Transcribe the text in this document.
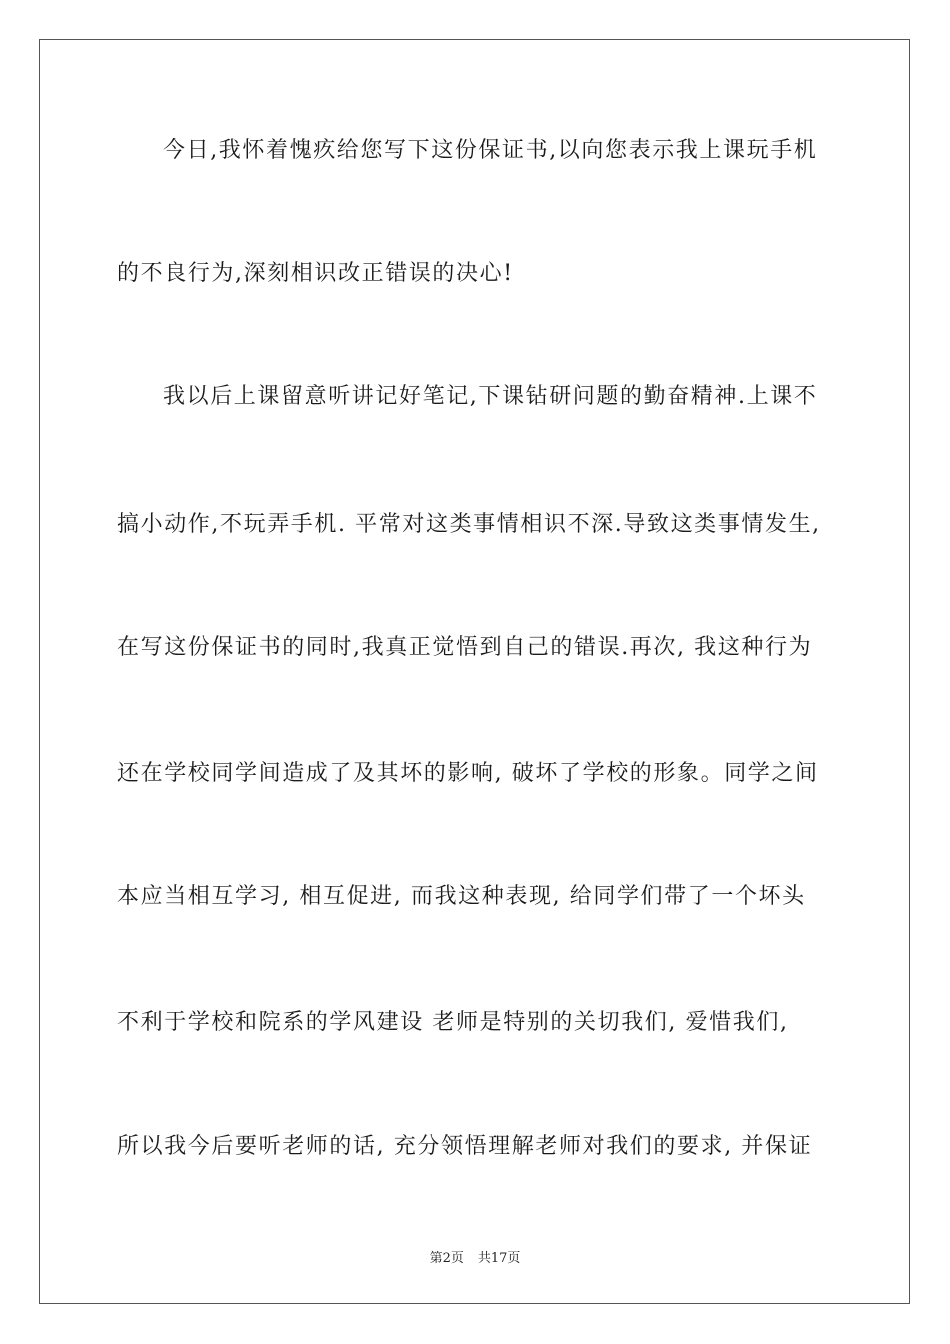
今日,我怀着愧疚给您写下这份保证书,以向您表示我上课玩手机
的不良行为,深刻相识改正错误的决心!
我以后上课留意听讲记好笔记,下课钻研问题的勤奋精神.上课不
搞小动作,不玩弄手机. 平常对这类事情相识不深.导致这类事情发生,
在写这份保证书的同时,我真正觉悟到自己的错误.再次, 我这种行为
还在学校同学间造成了及其坏的影响, 破坏了学校的形象。同学之间
本应当相互学习, 相互促进, 而我这种表现, 给同学们带了一个坏头
不利于学校和院系的学风建设 老师是特别的关切我们, 爱惜我们,
所以我今后要听老师的话, 充分领悟理解老师对我们的要求, 并保证
第2页 共17页
